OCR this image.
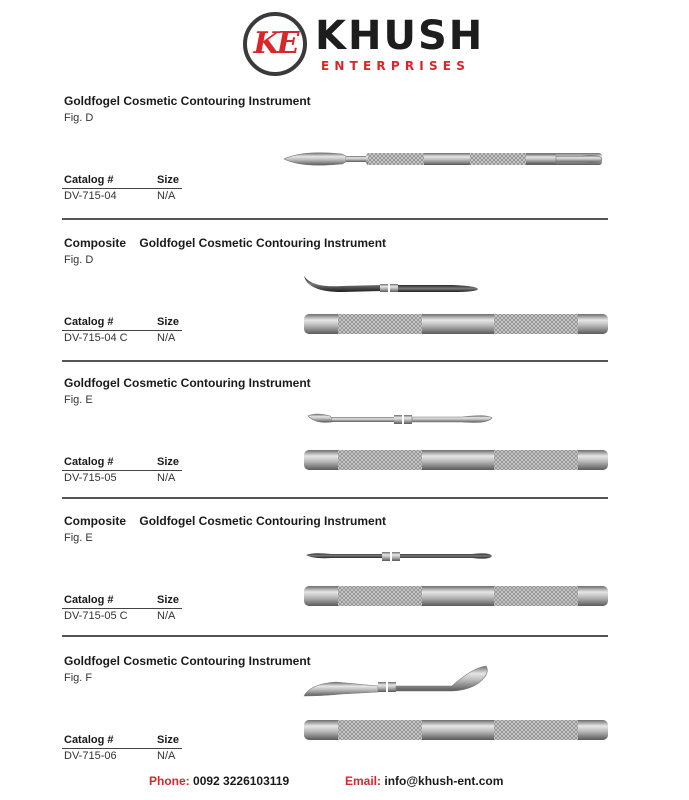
KE KHUSH
ENTERPRISES
Goldfogel Cosmetic Contouring Instrument
Fig. D
Catalog #	Size
DV-715-04	N/A
Composite Goldfogel Cosmetic Contouring Instrument
Fig. D
Catalog #	Size
DV-715-04 C	N/A
Goldfogel Cosmetic Contouring Instrument
Fig. E
Catalog #	Size
DV-715-05	N/A
Composite Goldfogel Cosmetic Contouring Instrument
Fig. E
Catalog #	Size
DV-715-05 C	N/A
Goldfogel Cosmetic Contouring Instrument
Fig. F
Catalog #	Size
DV-715-06	N/A
Phone: 0092 3226103119	Email: info@khush-ent.com
